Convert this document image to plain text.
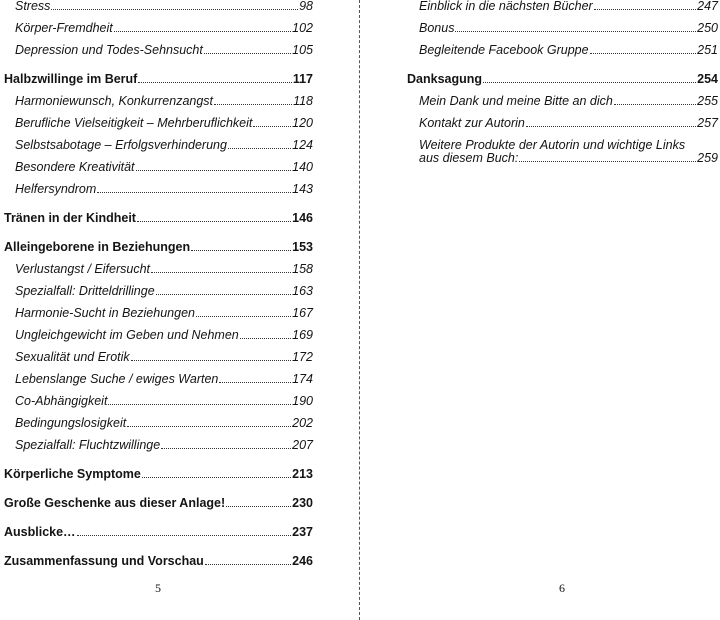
Stress	98
Körper-Fremdheit	102
Depression und Todes-Sehnsucht	105
Halbzwillinge im Beruf	117
Harmoniewunsch, Konkurrenzangst	118
Berufliche Vielseitigkeit – Mehrberuflichkeit	120
Selbstsabotage – Erfolgsverhinderung	124
Besondere Kreativität	140
Helfersyndrom	143
Tränen in der Kindheit	146
Alleingeborene in Beziehungen	153
Verlustangst / Eifersucht	158
Spezialfall: Dritteldrillinge	163
Harmonie-Sucht in Beziehungen	167
Ungleichgewicht im Geben und Nehmen	169
Sexualität und Erotik	172
Lebenslange Suche / ewiges Warten	174
Co-Abhängigkeit	190
Bedingungslosigkeit	202
Spezialfall: Fluchtzwillinge	207
Körperliche Symptome	213
Große Geschenke aus dieser Anlage!	230
Ausblicke…	237
Zusammenfassung und Vorschau	246
5
Einblick in die nächsten Bücher	247
Bonus	250
Begleitende Facebook Gruppe	251
Danksagung	254
Mein Dank und meine Bitte an dich	255
Kontakt zur Autorin	257
Weitere Produkte der Autorin und wichtige Links
aus diesem Buch:	259
6
